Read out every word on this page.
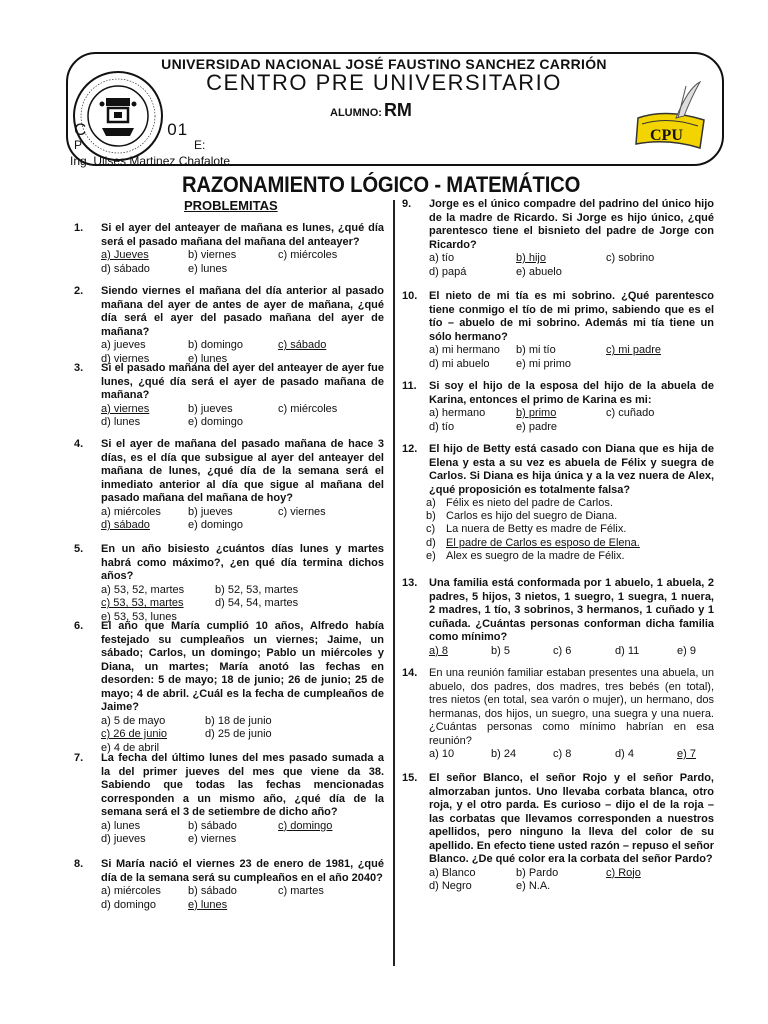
UNIVERSIDAD NACIONAL JOSÉ FAUSTINO SANCHEZ CARRIÓN
CENTRO PRE UNIVERSITARIO
ALUMNO: RM
CPU
C	01
P	E:
Ing. Ulises Martinez Chafalote
RAZONAMIENTO LÓGICO - MATEMÁTICO
PROBLEMITAS
1. Si el ayer del anteayer de mañana es lunes, ¿qué día será el pasado mañana del mañana del anteayer?
a) Jueves	b) viernes	c) miércoles
d) sábado	e) lunes
2. Siendo viernes el mañana del día anterior al pasado mañana del ayer de antes de ayer de mañana, ¿qué día será el ayer del pasado mañana del ayer de mañana?
a) jueves	b) domingo	c) sábado
d) viernes	e) lunes
3. Si el pasado mañana del ayer del anteayer de ayer fue lunes, ¿qué día será el ayer de pasado mañana de mañana?
a) viernes	b) jueves	c) miércoles
d) lunes	e) domingo
4. Si el ayer de mañana del pasado mañana de hace 3 días, es el día que subsigue al ayer del anteayer del mañana de lunes, ¿qué día de la semana será el inmediato anterior al día que sigue al mañana del pasado mañana del mañana de hoy?
a) miércoles b) jueves	c) viernes
d) sábado	e) domingo
5. En un año bisiesto ¿cuántos días lunes y martes habrá como máximo?, ¿en qué día termina dichos años?
a) 53, 52, martes	b) 52, 53, martes
c) 53, 53, martes	d) 54, 54, martes
e) 53, 53, lunes
6. El año que María cumplió 10 años, Alfredo había festejado su cumpleaños un viernes; Jaime, un sábado; Carlos, un domingo; Pablo un miércoles y Diana, un martes; María anotó las fechas en desorden: 5 de mayo; 18 de junio; 26 de junio; 25 de mayo; 4 de abril. ¿Cuál es la fecha de cumpleaños de Jaime?
a) 5 de mayo	b) 18 de junio
c) 26 de junio	d) 25 de junio
e) 4 de abril
7. La fecha del último lunes del mes pasado sumada a la del primer jueves del mes que viene da 38. Sabiendo que todas las fechas mencionadas corresponden a un mismo año, ¿qué día de la semana será el 3 de setiembre de dicho año?
a) lunes	b) sábado	c) domingo
d) jueves	e) viernes
8. Si María nació el viernes 23 de enero de 1981, ¿qué día de la semana será su cumpleaños en el año 2040?
a) miércoles b) sábado	c) martes
d) domingo	e) lunes
9. Jorge es el único compadre del padrino del único hijo de la madre de Ricardo. Si Jorge es hijo único, ¿qué parentesco tiene el bisnieto del padre de Jorge con Ricardo?
a) tío	b) hijo	c) sobrino
d) papá	e) abuelo
10. El nieto de mi tía es mi sobrino. ¿Qué parentesco tiene conmigo el tío de mi primo, sabiendo que es el tío – abuelo de mi sobrino. Además mi tía tiene un sólo hermano?
a) mi hermano b) mi tío	c) mi padre
d) mi abuelo e) mi primo
11. Si soy el hijo de la esposa del hijo de la abuela de Karina, entonces el primo de Karina es mi:
a) hermano	b) primo	c) cuñado
d) tío	e) padre
12. El hijo de Betty está casado con Diana que es hija de Elena y esta a su vez es abuela de Félix y suegra de Carlos. Si Diana es hija única y a la vez nuera de Alex, ¿qué proposición es totalmente falsa?
a) Félix es nieto del padre de Carlos.
b) Carlos es hijo del suegro de Diana.
c) La nuera de Betty es madre de Félix.
d) El padre de Carlos es esposo de Elena.
e) Alex es suegro de la madre de Félix.
13. Una familia está conformada por 1 abuelo, 1 abuela, 2 padres, 5 hijos, 3 nietos, 1 suegro, 1 suegra, 1 nuera, 2 madres, 1 tío, 3 sobrinos, 3 hermanos, 1 cuñado y 1 cuñada. ¿Cuántas personas conforman dicha familia como mínimo?
a) 8	b) 5	c) 6	d) 11	e) 9
14. En una reunión familiar estaban presentes una abuela, un abuelo, dos padres, dos madres, tres bebés (en total), tres nietos (en total, sea varón o mujer), un hermano, dos hermanas, dos hijos, un suegro, una suegra y una nuera. ¿Cuántas personas como mínimo habrían en esa reunión?
a) 10	b) 24	c) 8	d) 4	e) 7
15. El señor Blanco, el señor Rojo y el señor Pardo, almorzaban juntos. Uno llevaba corbata blanca, otro roja, y el otro parda. Es curioso – dijo el de la roja – las corbatas que llevamos corresponden a nuestros apellidos, pero ninguno la lleva del color de su apellido. En efecto tiene usted razón – repuso el señor Blanco. ¿De qué color era la corbata del señor Pardo?
a) Blanco	b) Pardo	c) Rojo
d) Negro	e) N.A.
